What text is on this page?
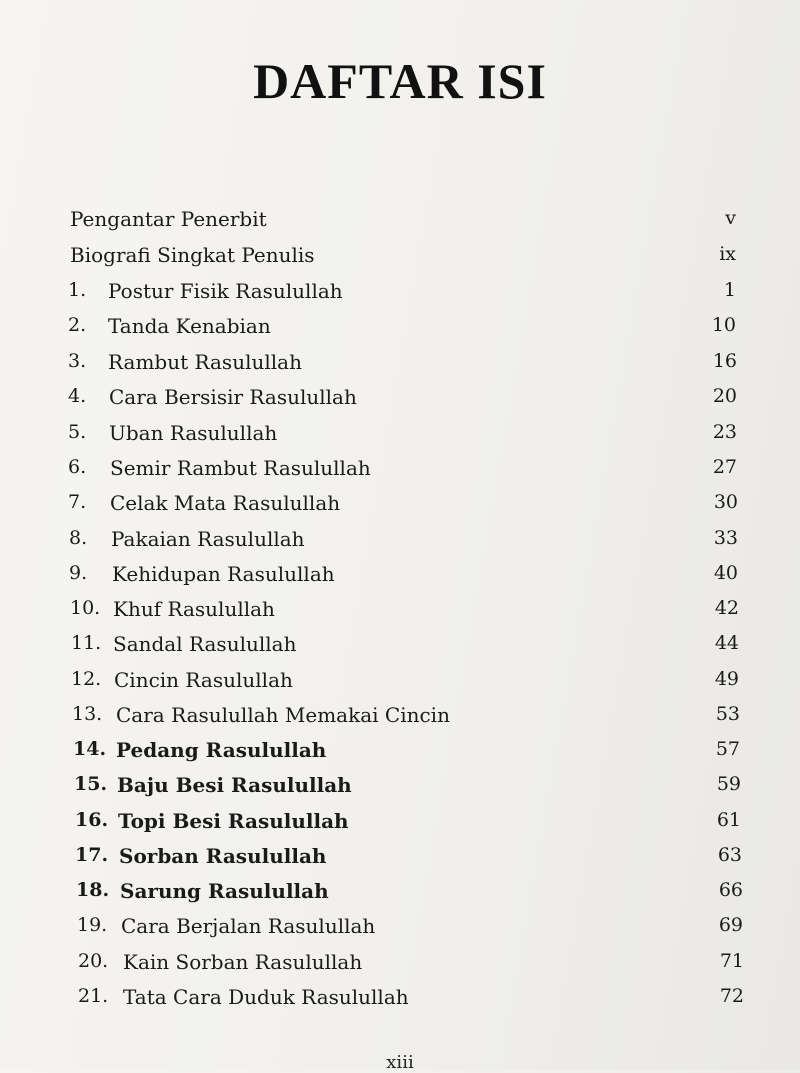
DAFTAR ISI
Pengantar Penerbit	v
Biografi Singkat Penulis	ix
1. Postur Fisik Rasulullah	1
2. Tanda Kenabian	10
3. Rambut Rasulullah	16
4. Cara Bersisir Rasulullah	20
5. Uban Rasulullah	23
6. Semir Rambut Rasulullah	27
7. Celak Mata Rasulullah	30
8. Pakaian Rasulullah	33
9. Kehidupan Rasulullah	40
10. Khuf Rasulullah	42
11. Sandal Rasulullah	44
12. Cincin Rasulullah	49
13. Cara Rasulullah Memakai Cincin	53
14. Pedang Rasulullah	57
15. Baju Besi Rasulullah	59
16. Topi Besi Rasulullah	61
17. Sorban Rasulullah	63
18. Sarung Rasulullah	66
19. Cara Berjalan Rasulullah	69
20. Kain Sorban Rasulullah	71
21. Tata Cara Duduk Rasulullah	72
xiii
